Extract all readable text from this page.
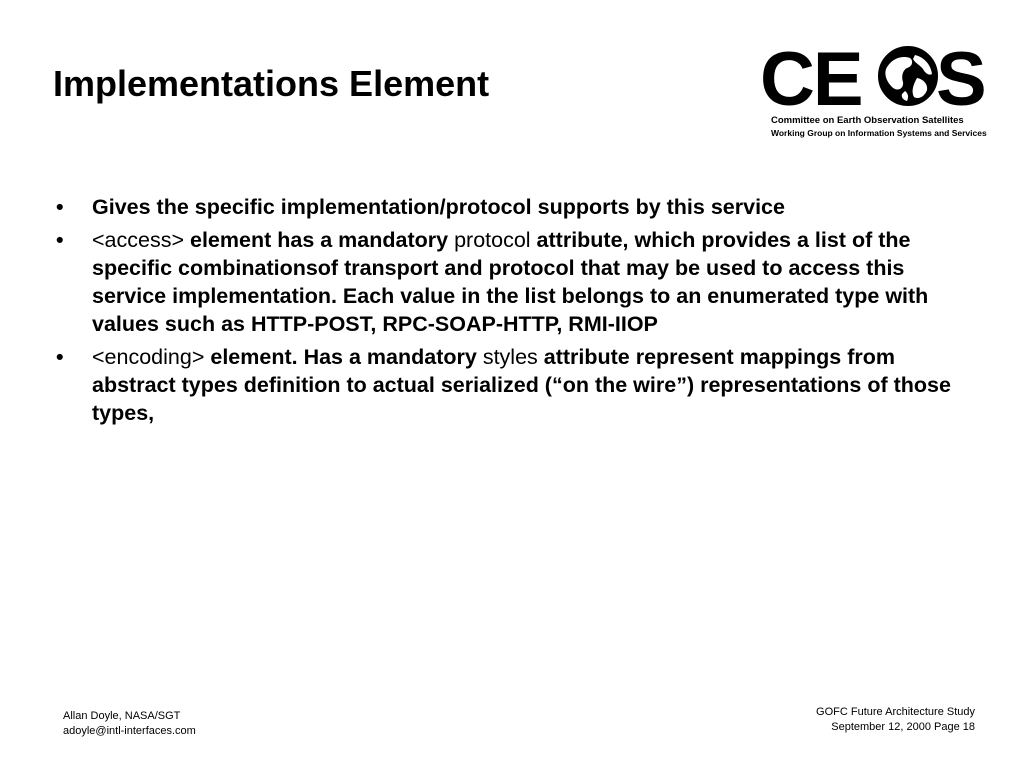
Implementations Element	CE S
Committee on Earth Observation Satellites
Working Group on Information Systems and Services
• Gives the specific implementation/protocol supports by this service
• <access> element has a mandatory protocol attribute, which provides a list of the specific combinationsof transport and protocol that may be used to access this service implementation. Each value in the list belongs to an enumerated type with values such as HTTP-POST, RPC-SOAP-HTTP, RMI-IIOP
• <encoding> element. Has a mandatory styles attribute represent mappings from abstract types definition to actual serialized (“on the wire”) representations of those types,
Allan Doyle, NASA/SGT
adoyle@intl-interfaces.com
GOFC Future Architecture Study
September 12, 2000 Page 18
